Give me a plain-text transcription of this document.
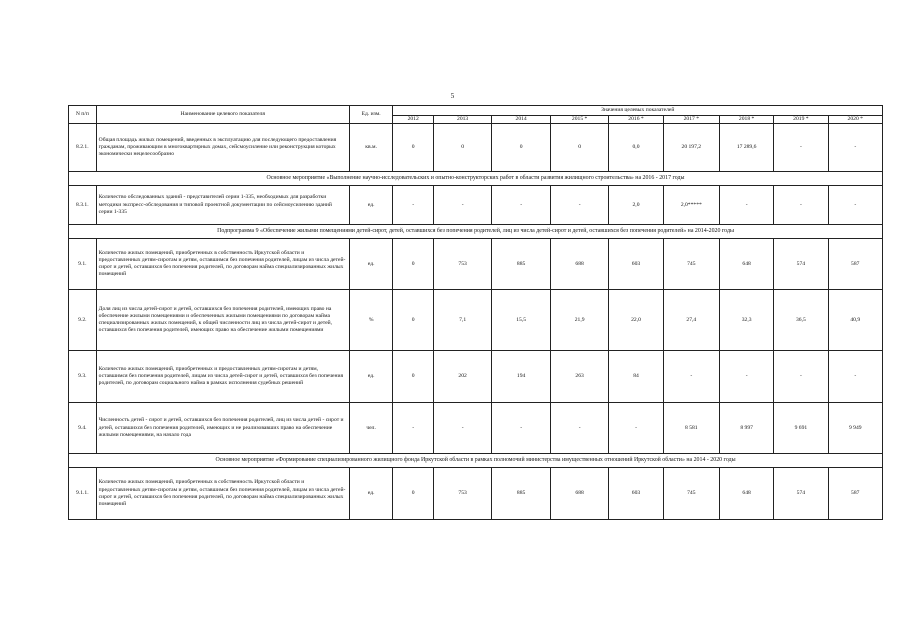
5
N п/п	Наименование целевого показателя	Ед. изм.	Значения целевых показателей								
			2012	2013	2014	2015 *	2016 *	2017 *	2018 *	2019 *	2020 *
8.2.1.	Общая площадь жилых помещений, введенных в эксплуатацию для последующего предоставления гражданам, проживающим в многоквартирных домах, сейсмоусиление или реконструкция которых экономически нецелесообразно	кв.м.	0	0	0	0	0,0	20 197,2	17 289,6	-	-
Основное мероприятие «Выполнение научно-исследовательских и опытно-конструкторских работ в области развития жилищного строительства» на 2016 - 2017 годы											
8.3.1.	Количество обследованных зданий - представителей серии 1-335, необходимых для разработки методики экспресс-обследования и типовой проектной документации по сейсмоусилению зданий серии 1-335	ед.	-	-	-	-	2,0	2,0*****	-	-	-
Подпрограмма 9 «Обеспечение жилыми помещениями детей-сирот, детей, оставшихся без попечения родителей, лиц из числа детей-сирот и детей, оставшихся без попечения родителей» на 2014-2020 годы											
9.1.	Количество жилых помещений, приобретенных в собственность Иркутской области и предоставленных детям-сиротам и детям, оставшимся без попечения родителей, лицам из числа детей-сирот и детей, оставшихся без попечения родителей, по договорам найма специализированных жилых помещений	ед.	0	753	885	688	603	745	648	574	587
9.2.	Доля лиц из числа детей-сирот и детей, оставшихся без попечения родителей, имеющих право на обеспечение жилыми помещениями и обеспеченных жилыми помещениями по договорам найма специализированных жилых помещений, к общей численности лиц из числа детей-сирот и детей, оставшихся без попечения родителей, имеющих право на обеспечение жилыми помещениями	%	0	7,1	15,5	21,9	22,0	27,4	32,3	36,5	40,9
9.3.	Количество жилых помещений, приобретенных и предоставленных детям-сиротам и детям, оставшимся без попечения родителей, лицам из числа детей-сирот и детей, оставшихся без попечения родителей, по договорам социального найма в рамках исполнения судебных решений	ед.	0	202	194	263	84	-	-	-	-
9.4.	Численность детей - сирот и детей, оставшихся без попечения родителей, лиц из числа детей - сирот и детей, оставшихся без попечения родителей, имеющих и не реализовавших право на обеспечение жилыми помещениями, на начало года	чел.	-	-	-	-	-	8 581	8 997	9 691	9 949
Основное мероприятие «Формирование специализированного жилищного фонда Иркутской области в рамках полномочий министерства имущественных отношений Иркутской области» на 2014 - 2020 годы											
9.1.1.	Количество жилых помещений, приобретенных в собственность Иркутской области и предоставленных детям-сиротам и детям, оставшимся без попечения родителей, лицам из числа детей-сирот и детей, оставшихся без попечения родителей, по договорам найма специализированных жилых помещений	ед.	0	753	885	688	603	745	648	574	587
